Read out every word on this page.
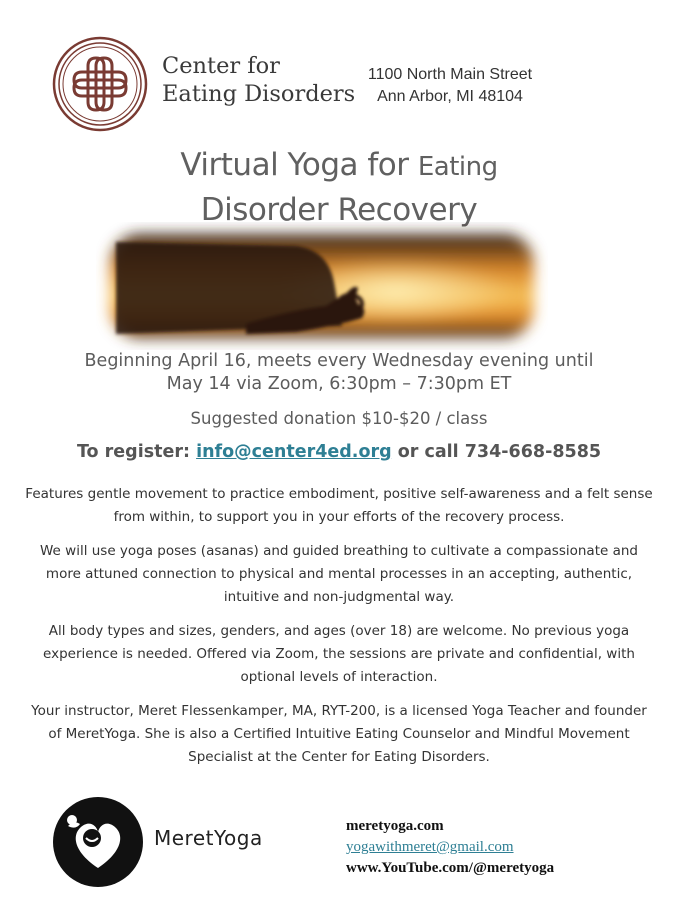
Center for
Eating Disorders
1100 North Main Street
Ann Arbor, MI 48104
Virtual Yoga for Eating
Disorder Recovery
Beginning April 16, meets every Wednesday evening until
May 14 via Zoom, 6:30pm – 7:30pm ET
Suggested donation $10-$20 / class
To register: info@center4ed.org or call 734-668-8585
Features gentle movement to practice embodiment, positive self-awareness and a felt sense from within, to support you in your efforts of the recovery process.
We will use yoga poses (asanas) and guided breathing to cultivate a compassionate and more attuned connection to physical and mental processes in an accepting, authentic, intuitive and non-judgmental way.
All body types and sizes, genders, and ages (over 18) are welcome. No previous yoga experience is needed. Offered via Zoom, the sessions are private and confidential, with optional levels of interaction.
Your instructor, Meret Flessenkamper, MA, RYT-200, is a licensed Yoga Teacher and founder of MeretYoga. She is also a Certified Intuitive Eating Counselor and Mindful Movement Specialist at the Center for Eating Disorders.
MeretYoga	meretyoga.com
yogawithmeret@gmail.com
www.YouTube.com/@meretyoga
